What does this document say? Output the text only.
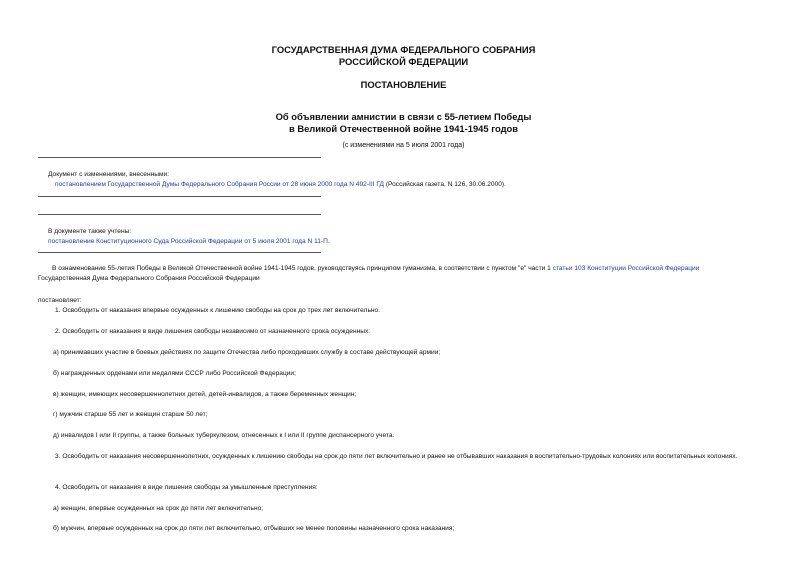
ГОСУДАРСТВЕННАЯ ДУМА ФЕДЕРАЛЬНОГО СОБРАНИЯ
РОССИЙСКОЙ ФЕДЕРАЦИИ
ПОСТАНОВЛЕНИЕ
Об объявлении амнистии в связи с 55-летием Победы
в Великой Отечественной войне 1941-1945 годов
(с изменениями на 5 июля 2001 года)
Документ с изменениями, внесенными:
постановлением Государственной Думы Федерального Собрания России от 28 июня 2000 года N 492-III ГД (Российская газета, N 126, 30.06.2000).
В документе также учтены:
постановление Конституционного Суда Российской Федерации от 5 июля 2001 года N 11-П.
В ознаменование 55-летия Победы в Великой Отечественной войне 1941-1945 годов, руководствуясь принципом гуманизма, в соответствии с пунктом "е" части 1 статьи 103 Конституции Российской Федерации
Государственная Дума Федерального Собрания Российской Федерации
постановляет:
1. Освободить от наказания впервые осужденных к лишению свободы на срок до трех лет включительно.
2. Освободить от наказания в виде лишения свободы независимо от назначенного срока осужденных:
а) принимавших участие в боевых действиях по защите Отечества либо проходивших службу в составе действующей армии;
б) награжденных орденами или медалями СССР либо Российской Федерации;
в) женщин, имеющих несовершеннолетних детей, детей-инвалидов, а также беременных женщин;
г) мужчин старше 55 лет и женщин старше 50 лет;
д) инвалидов I или II группы, а также больных туберкулезом, отнесенных к I или II группе диспансерного учета.
3. Освободить от наказания несовершеннолетних, осужденных к лишению свободы на срок до пяти лет включительно и ранее не отбывавших наказания в воспитательно-трудовых колониях или воспитательных колониях.
4. Освободить от наказания в виде лишения свободы за умышленные преступления:
а) женщин, впервые осужденных на срок до пяти лет включительно;
б) мужчин, впервые осужденных на срок до пяти лет включительно, отбывших не менее половины назначенного срока наказания;
